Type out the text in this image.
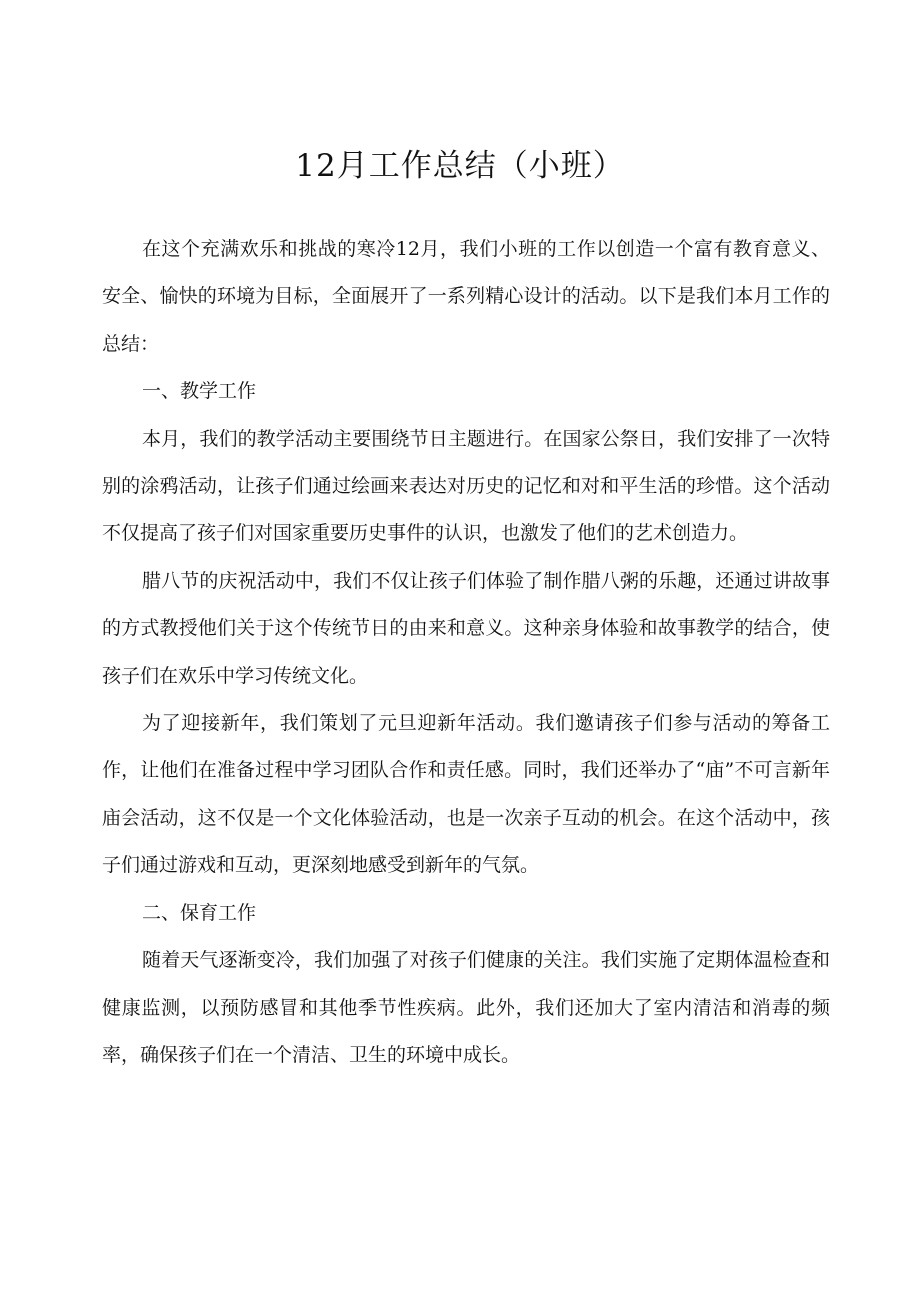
12月工作总结（小班）

在这个充满欢乐和挑战的寒冷12月，我们小班的工作以创造一个富有教育意义、安全、愉快的环境为目标，全面展开了一系列精心设计的活动。以下是我们本月工作的总结：

一、教学工作

本月，我们的教学活动主要围绕节日主题进行。在国家公祭日，我们安排了一次特别的涂鸦活动，让孩子们通过绘画来表达对历史的记忆和对和平生活的珍惜。这个活动不仅提高了孩子们对国家重要历史事件的认识，也激发了他们的艺术创造力。

腊八节的庆祝活动中，我们不仅让孩子们体验了制作腊八粥的乐趣，还通过讲故事的方式教授他们关于这个传统节日的由来和意义。这种亲身体验和故事教学的结合，使孩子们在欢乐中学习传统文化。

为了迎接新年，我们策划了元旦迎新年活动。我们邀请孩子们参与活动的筹备工作，让他们在准备过程中学习团队合作和责任感。同时，我们还举办了“庙”不可言新年庙会活动，这不仅是一个文化体验活动，也是一次亲子互动的机会。在这个活动中，孩子们通过游戏和互动，更深刻地感受到新年的气氛。

二、保育工作

随着天气逐渐变冷，我们加强了对孩子们健康的关注。我们实施了定期体温检查和健康监测，以预防感冒和其他季节性疾病。此外，我们还加大了室内清洁和消毒的频率，确保孩子们在一个清洁、卫生的环境中成长。
